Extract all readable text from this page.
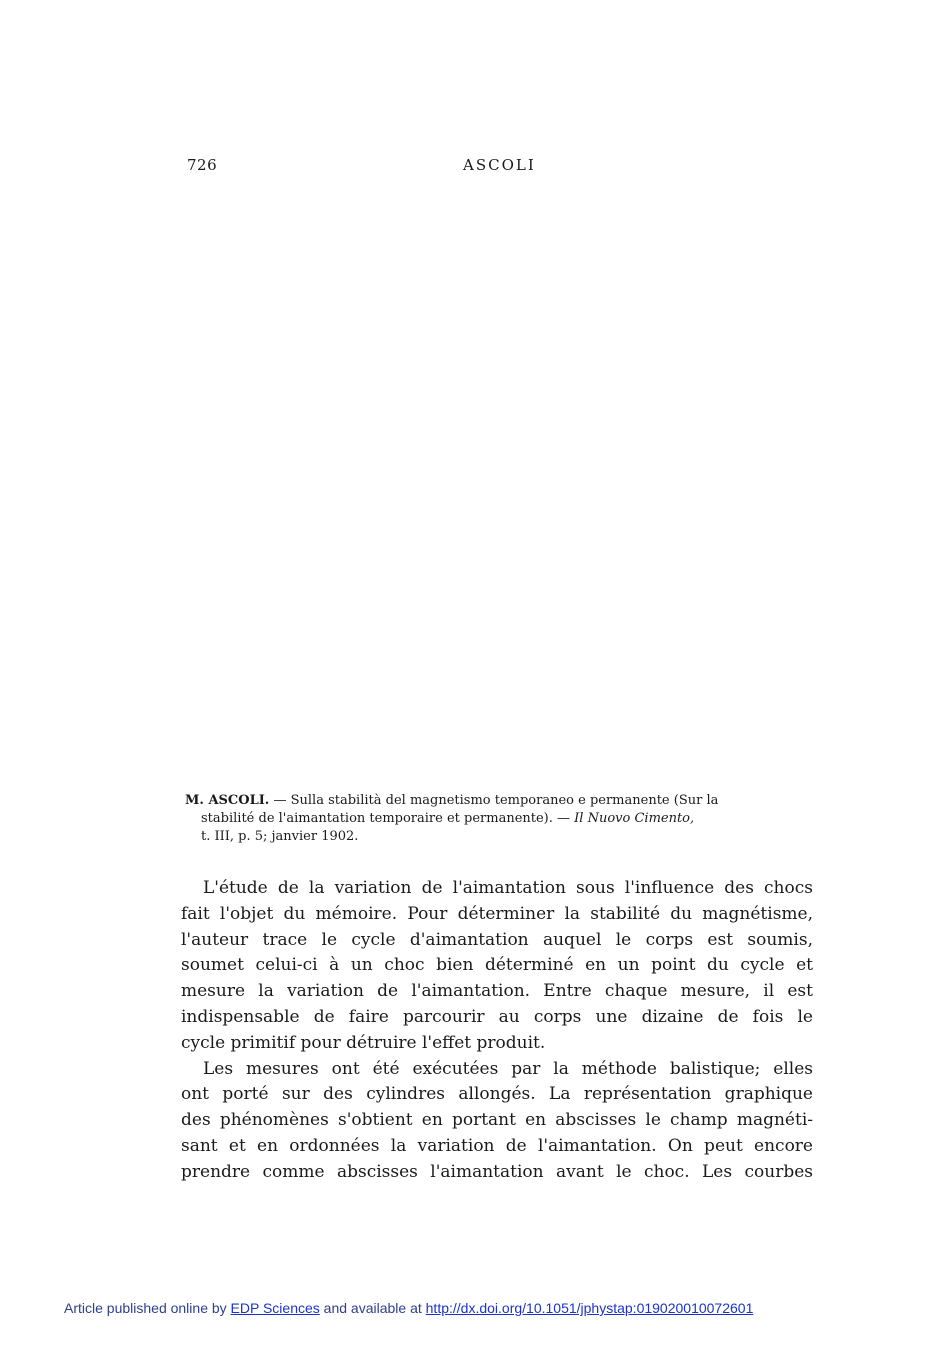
726	ASCOLI
M. ASCOLI. — Sulla stabilità del magnetismo temporaneo e permanente (Sur la
stabilité de l'aimantation temporaire et permanente). — Il Nuovo Cimento,
t. III, p. 5; janvier 1902.
L'étude de la variation de l'aimantation sous l'influence des chocs
fait l'objet du mémoire. Pour déterminer la stabilité du magnétisme,
l'auteur trace le cycle d'aimantation auquel le corps est soumis,
soumet celui-ci à un choc bien déterminé en un point du cycle et
mesure la variation de l'aimantation. Entre chaque mesure, il est
indispensable de faire parcourir au corps une dizaine de fois le
cycle primitif pour détruire l'effet produit.
Les mesures ont été exécutées par la méthode balistique; elles
ont porté sur des cylindres allongés. La représentation graphique
des phénomènes s'obtient en portant en abscisses le champ magnéti-
sant et en ordonnées la variation de l'aimantation. On peut encore
prendre comme abscisses l'aimantation avant le choc. Les courbes
Article published online by EDP Sciences and available at http://dx.doi.org/10.1051/jphystap:019020010072601
